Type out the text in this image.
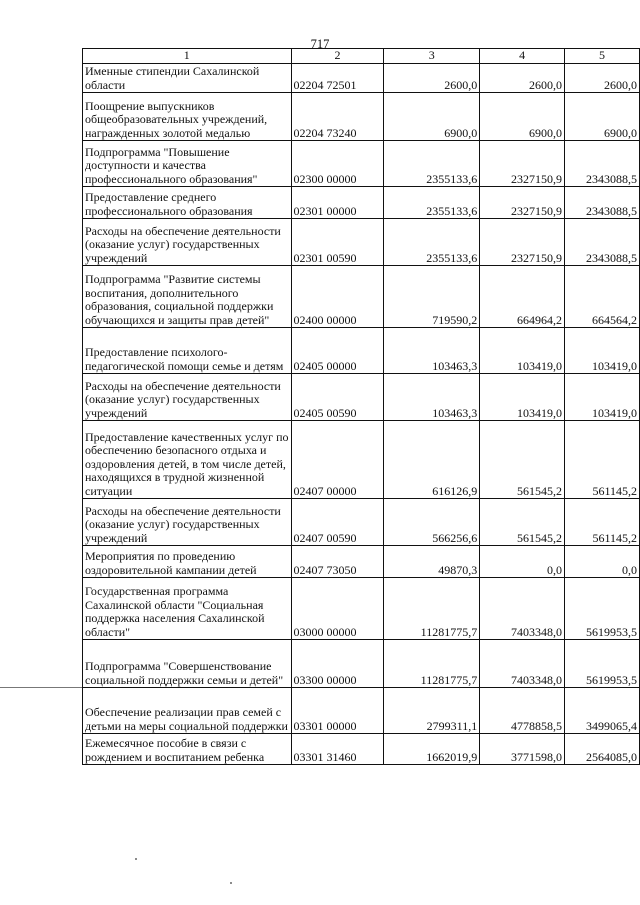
717
1	2	3	4	5
Именные стипендии Сахалинской области	02204 72501	2600,0	2600,0	2600,0
Поощрение выпускников общеобразовательных учреждений, награжденных золотой медалью	02204 73240	6900,0	6900,0	6900,0
Подпрограмма "Повышение доступности и качества профессионального образования"	02300 00000	2355133,6	2327150,9	2343088,5
Предоставление среднего профессионального образования	02301 00000	2355133,6	2327150,9	2343088,5
Расходы на обеспечение деятельности (оказание услуг) государственных учреждений	02301 00590	2355133,6	2327150,9	2343088,5
Подпрограмма "Развитие системы воспитания, дополнительного образования, социальной поддержки обучающихся и защиты прав детей"	02400 00000	719590,2	664964,2	664564,2
Предоставление психолого-педагогической помощи семье и детям	02405 00000	103463,3	103419,0	103419,0
Расходы на обеспечение деятельности (оказание услуг) государственных учреждений	02405 00590	103463,3	103419,0	103419,0
Предоставление качественных услуг по обеспечению безопасного отдыха и оздоровления детей, в том числе детей, находящихся в трудной жизненной ситуации	02407 00000	616126,9	561545,2	561145,2
Расходы на обеспечение деятельности (оказание услуг) государственных учреждений	02407 00590	566256,6	561545,2	561145,2
Мероприятия по проведению оздоровительной кампании детей	02407 73050	49870,3	0,0	0,0
Государственная программа Сахалинской области "Социальная поддержка населения Сахалинской области"	03000 00000	11281775,7	7403348,0	5619953,5
Подпрограмма "Совершенствование социальной поддержки семьи и детей"	03300 00000	11281775,7	7403348,0	5619953,5
Обеспечение реализации прав семей с детьми на меры социальной поддержки	03301 00000	2799311,1	4778858,5	3499065,4
Ежемесячное пособие в связи с рождением и воспитанием ребенка	03301 31460	1662019,9	3771598,0	2564085,0
